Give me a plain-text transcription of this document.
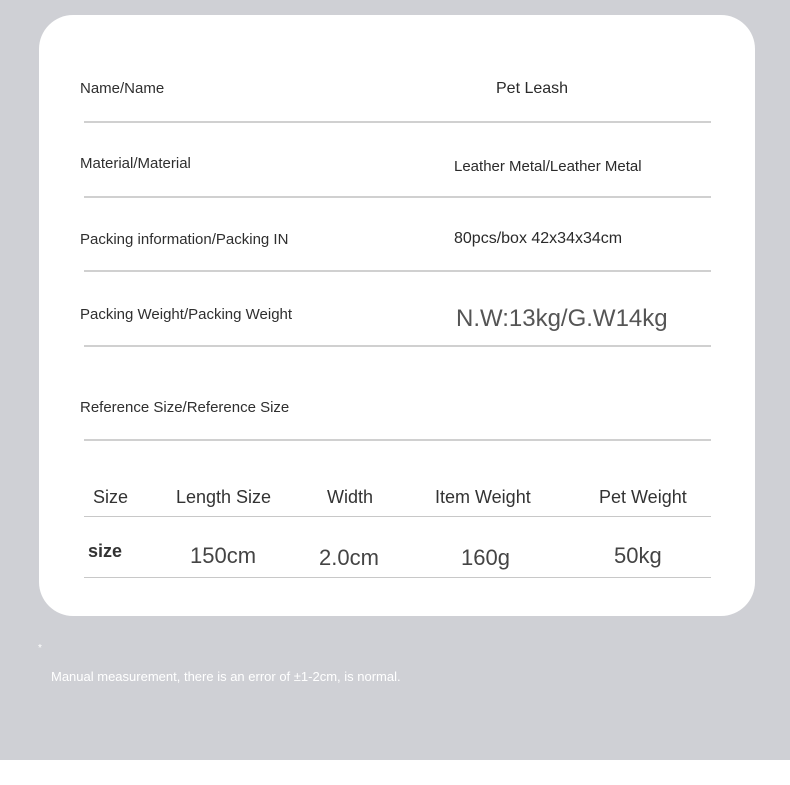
Name/Name	Pet Leash
Material/Material	Leather Metal/Leather Metal
Packing information/Packing IN	80pcs/box 42x34x34cm
Packing Weight/Packing Weight	N.W:13kg/G.W14kg
Reference Size/Reference Size
Size	Length Size	Width	Item Weight	Pet Weight
size	150cm	2.0cm	160g	50kg
*
Manual measurement, there is an error of ±1-2cm, is normal.
